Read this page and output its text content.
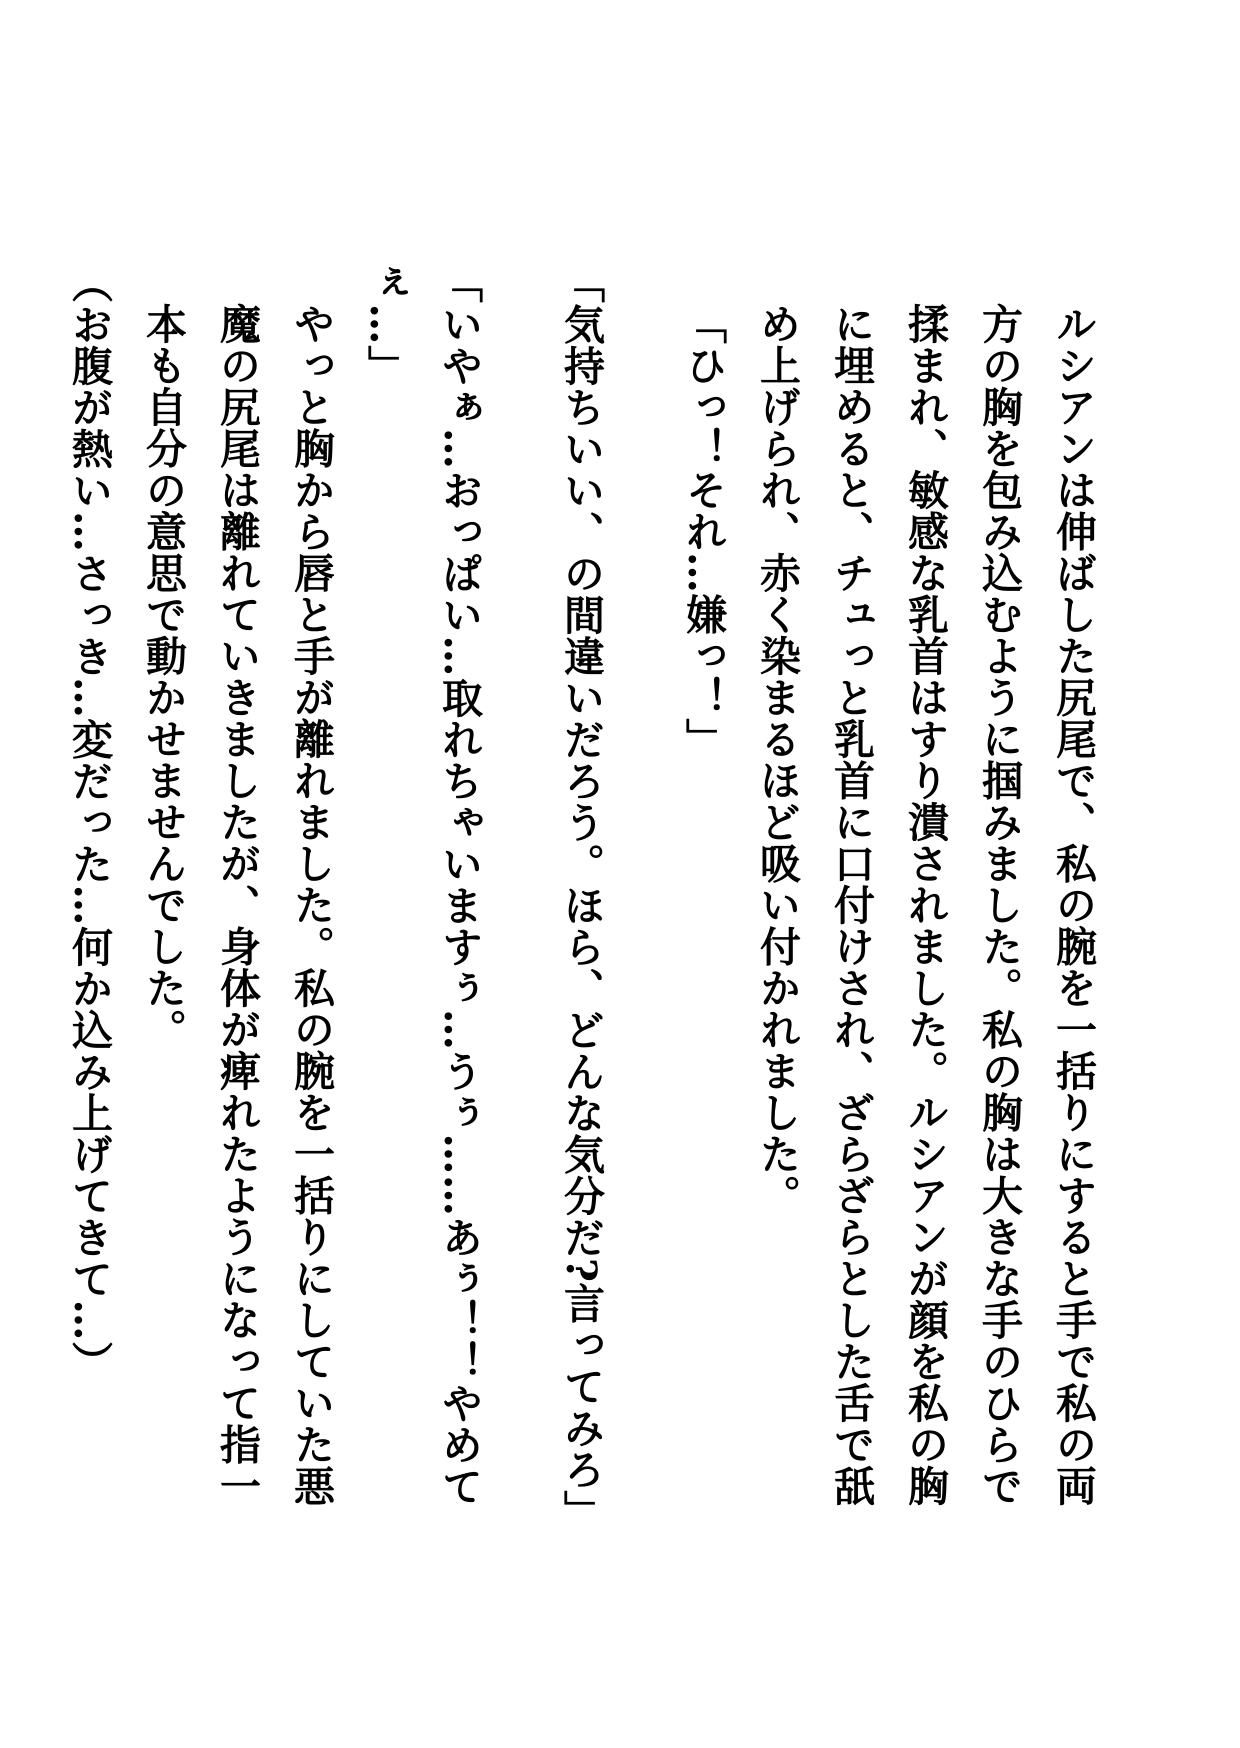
ルシアンは伸ばした尻尾で、私の腕を一括りにすると手で私の両方の胸を包み込むように掴みました。私の胸は大きな手のひらで揉まれ、敏感な乳首はすり潰されました。ルシアンが顔を私の胸に埋めると、チュっと乳首に口付けされ、ざらざらとした舌で舐め上げられ、赤く染まるほど吸い付かれました。

「ひっ！それ…嫌っ！」

「気持ちいい、の間違いだろう。ほら、どんな気分だ?言ってみろ」

「いやぁ…おっぱい…取れちゃいますぅ…うぅ……あぅ！！やめてぇ…」

やっと胸から唇と手が離れました。私の腕を一括りにしていた悪魔の尻尾は離れていきましたが、身体が痺れたようになって指一本も自分の意思で動かせませんでした。

（お腹が熱い…さっき…変だった…何か込み上げてきて…）
